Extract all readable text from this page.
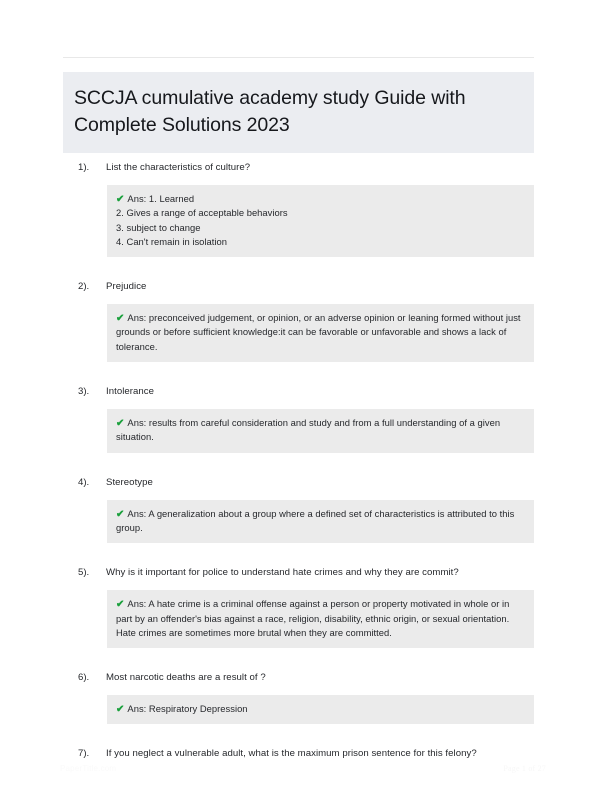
SCCJA cumulative academy study Guide with Complete Solutions 2023
1).	List the characteristics of culture?
✔ Ans: 1. Learned
2. Gives a range of acceptable behaviors
3. subject to change
4. Can't remain in isolation
2).	Prejudice
✔ Ans: preconceived judgement, or opinion, or an adverse opinion or leaning formed without just grounds or before sufficient knowledge:it can be favorable or unfavorable and shows a lack of tolerance.
3).	Intolerance
✔ Ans: results from careful consideration and study and from a full understanding of a given situation.
4).	Stereotype
✔ Ans: A generalization about a group where a defined set of characteristics is attributed to this group.
5).	Why is it important for police to understand hate crimes and why they are commit?
✔ Ans: A hate crime is a criminal offense against a person or property motivated in whole or in part by an offender's bias against a race, religion, disability, ethnic origin, or sexual orientation. Hate crimes are sometimes more brutal when they are committed.
6).	Most narcotic deaths are a result of ?
✔ Ans: Respiratory Depression
7).	If you neglect a vulnerable adult, what is the maximum prison sentence for this felony?
PaperTitle.com	Page 1 of 27
